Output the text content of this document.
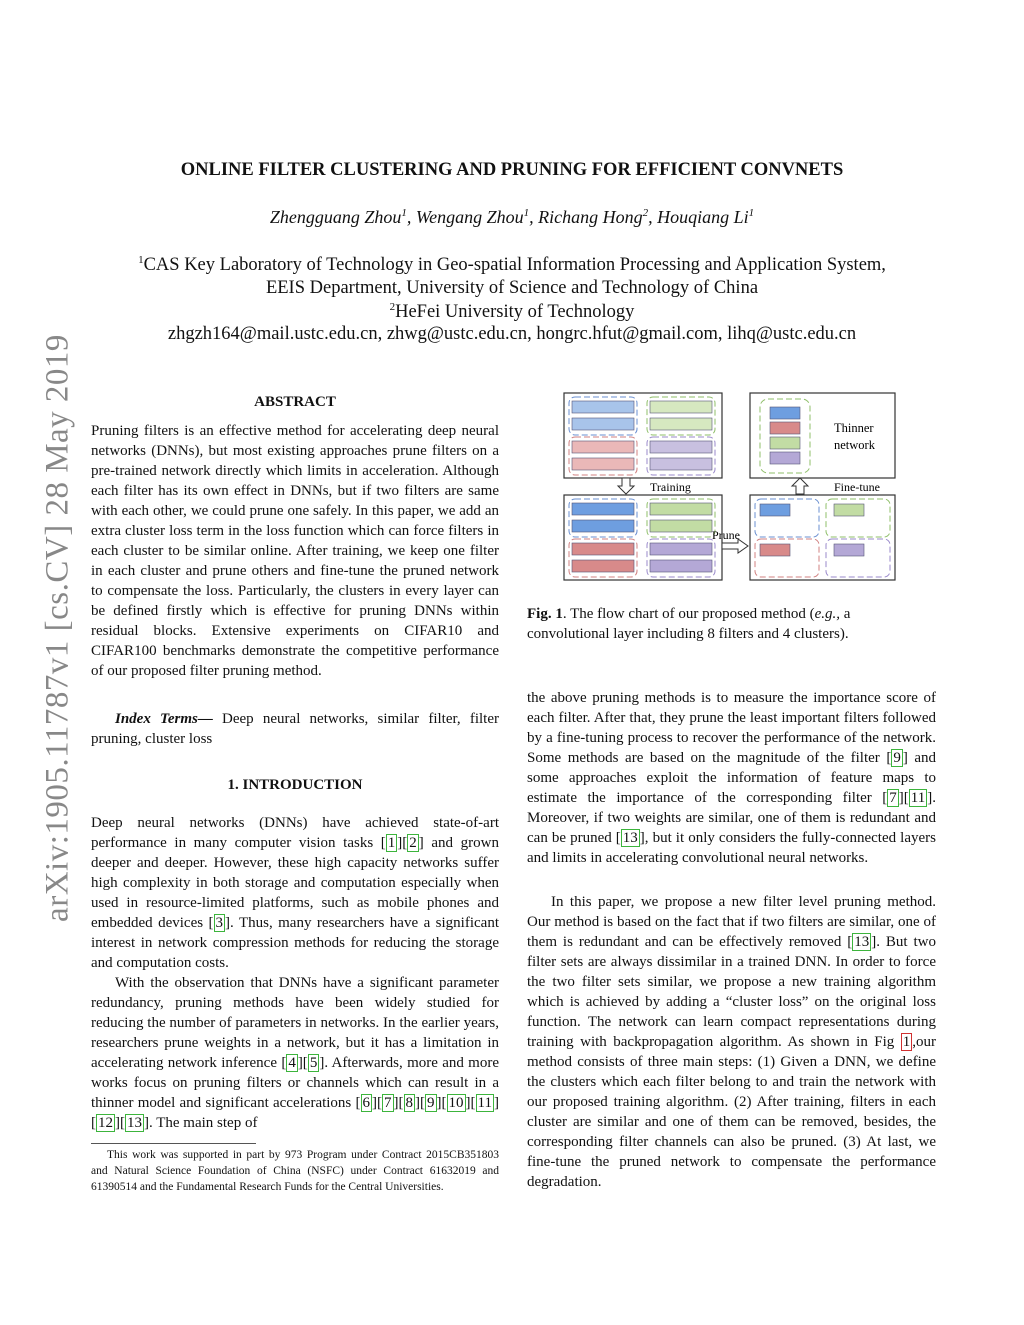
arXiv:1905.11787v1 [cs.CV] 28 May 2019
ONLINE FILTER CLUSTERING AND PRUNING FOR EFFICIENT CONVNETS
Zhengguang Zhou$^1$, Wengang Zhou$^1$, Richang Hong$^2$, Houqiang Li$^1$
$^1$CAS Key Laboratory of Technology in Geo-spatial Information Processing and Application System,
EEIS Department, University of Science and Technology of China
$^2$HeFei University of Technology
zhgzh164@mail.ustc.edu.cn, zhwg@ustc.edu.cn, hongrc.hfut@gmail.com, lihq@ustc.edu.cn
ABSTRACT
Pruning filters is an effective method for accelerating deep neural networks (DNNs), but most existing approaches prune filters on a pre-trained network directly which limits in acceleration. Although each filter has its own effect in DNNs, but if two filters are same with each other, we could prune one safely. In this paper, we add an extra cluster loss term in the loss function which can force filters in each cluster to be similar online. After training, we keep one filter in each cluster and prune others and fine-tune the pruned network to compensate the loss. Particularly, the clusters in every layer can be defined firstly which is effective for pruning DNNs within residual blocks. Extensive experiments on CIFAR10 and CIFAR100 benchmarks demonstrate the competitive performance of our proposed filter pruning method.
Index Terms— Deep neural networks, similar filter, filter pruning, cluster loss
1. INTRODUCTION
Deep neural networks (DNNs) have achieved state-of-art performance in many computer vision tasks [ 1 ][ 2 ] and grown deeper and deeper. However, these high capacity networks suffer high complexity in both storage and computation especially when used in resource-limited platforms, such as mobile phones and embedded devices [ 3 ]. Thus, many researchers have a significant interest in network compression methods for reducing the storage and computation costs.
With the observation that DNNs have a significant parameter redundancy, pruning methods have been widely studied for reducing the number of parameters in networks. In the earlier years, researchers prune weights in a network, but it has a limitation in accelerating network inference [ 4 ][ 5 ]. Afterwards, more and more works focus on pruning filters or channels which can result in a thinner model and significant accelerations [ 6 ][ 7 ][ 8 ][ 9 ][ 10 ][ 11 ][ 12 ][ 13 ]. The main step of
This work was supported in part by 973 Program under Contract 2015CB351803 and Natural Science Foundation of China (NSFC) under Contract 61632019 and 61390514 and the Fundamental Research Funds for the Central Universities.
Training
Prune
Fine-tune
Thinner
network
Fig. 1. The flow chart of our proposed method (e.g., a convolutional layer including 8 filters and 4 clusters).
the above pruning methods is to measure the importance score of each filter. After that, they prune the least important filters followed by a fine-tuning process to recover the performance of the network. Some methods are based on the magnitude of the filter [ 9 ] and some approaches exploit the information of feature maps to estimate the importance of the corresponding filter [ 7 ][ 11 ]. Moreover, if two weights are similar, one of them is redundant and can be pruned [ 13 ], but it only considers the fully-connected layers and limits in accelerating convolutional neural networks.
In this paper, we propose a new filter level pruning method. Our method is based on the fact that if two filters are similar, one of them is redundant and can be effectively removed [ 13 ]. But two filter sets are always dissimilar in a trained DNN. In order to force the two filter sets similar, we propose a new training algorithm which is achieved by adding a “cluster loss” on the original loss function. The network can learn compact representations during training with backpropagation algorithm. As shown in Fig 1 ,our method consists of three main steps: (1) Given a DNN, we define the clusters which each filter belong to and train the network with our proposed training algorithm. (2) After training, filters in each cluster are similar and one of them can be removed, besides, the corresponding filter channels can also be pruned. (3) At last, we fine-tune the pruned network to compensate the performance degradation.
